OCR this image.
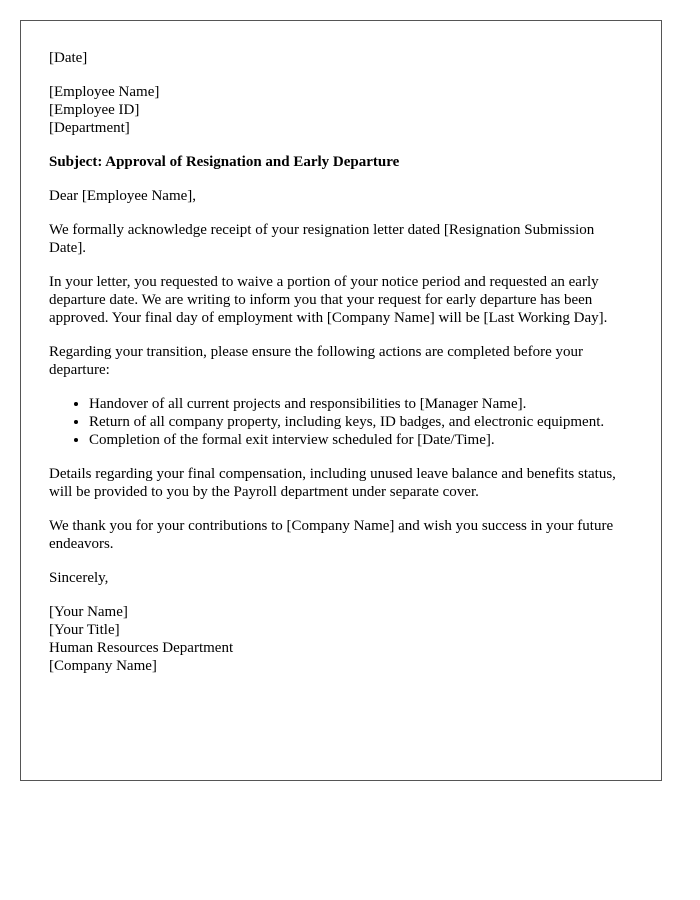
[Date]

[Employee Name]
[Employee ID]
[Department]

Subject: Approval of Resignation and Early Departure

Dear [Employee Name],

We formally acknowledge receipt of your resignation letter dated [Resignation Submission Date].

In your letter, you requested to waive a portion of your notice period and requested an early departure date. We are writing to inform you that your request for early departure has been approved. Your final day of employment with [Company Name] will be [Last Working Day].

Regarding your transition, please ensure the following actions are completed before your departure:

• Handover of all current projects and responsibilities to [Manager Name].
• Return of all company property, including keys, ID badges, and electronic equipment.
• Completion of the formal exit interview scheduled for [Date/Time].

Details regarding your final compensation, including unused leave balance and benefits status, will be provided to you by the Payroll department under separate cover.

We thank you for your contributions to [Company Name] and wish you success in your future endeavors.

Sincerely,

[Your Name]
[Your Title]
Human Resources Department
[Company Name]
